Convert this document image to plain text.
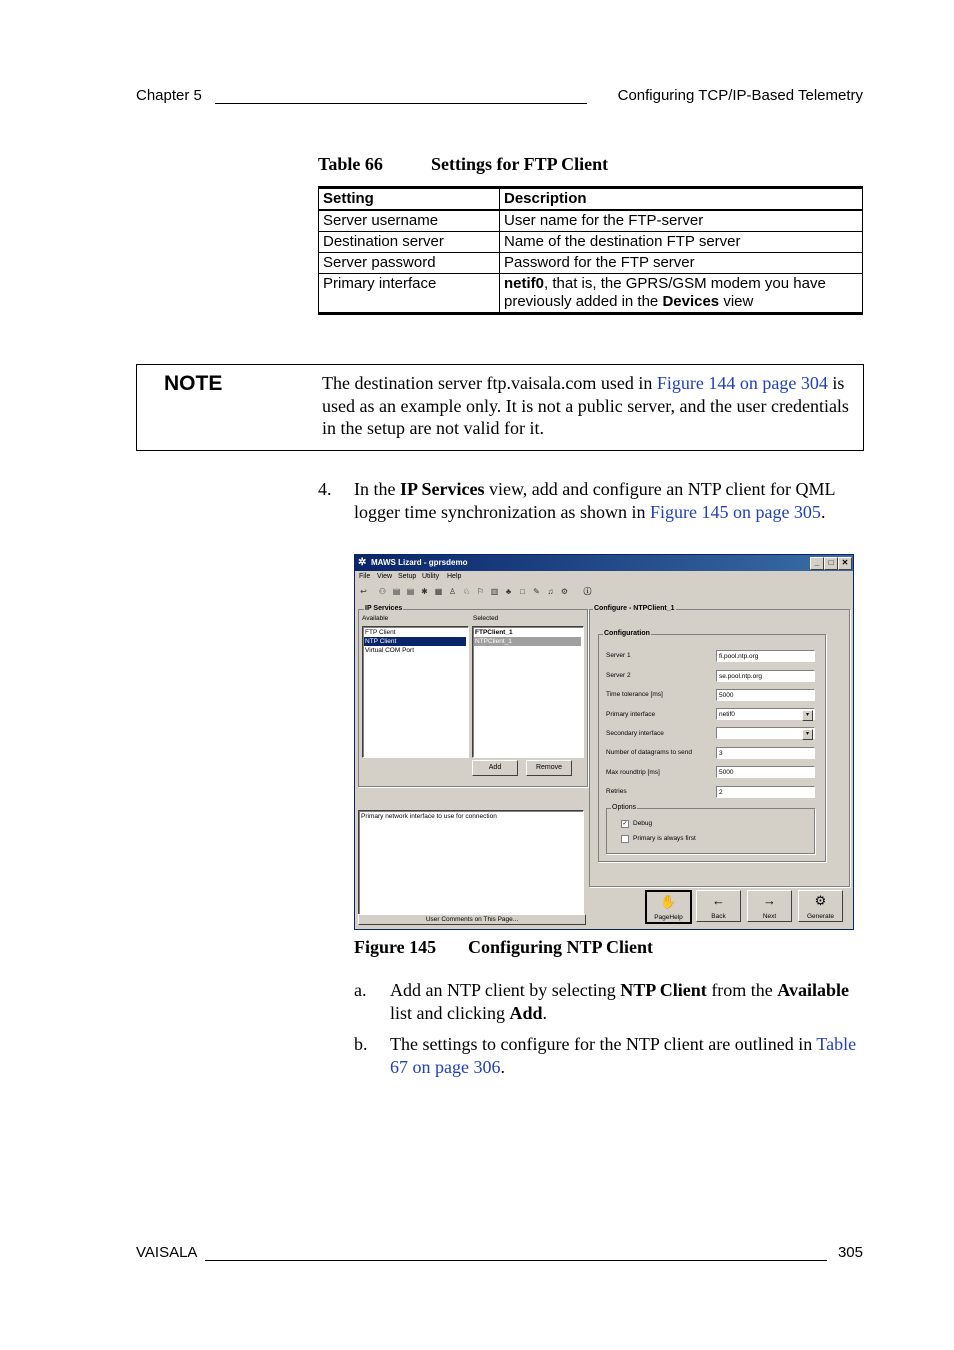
Chapter 5	Configuring TCP/IP-Based Telemetry
Table 66	Settings for FTP Client
Setting	Description
Server username	User name for the FTP-server
Destination server	Name of the destination FTP server
Server password	Password for the FTP server
Primary interface	netif0, that is, the GPRS/GSM modem you have previously added in the Devices view
NOTE	The destination server ftp.vaisala.com used in Figure 144 on page 304 is used as an example only. It is not a public server, and the user credentials in the setup are not valid for it.
4. In the IP Services view, add and configure an NTP client for QML logger time synchronization as shown in Figure 145 on page 305.
✲ MAWS Lizard - gprsdemo	_	□	✕
File View Setup Utility Help
↩ ⚇ ▤ ▤ ✱ ▦ ♙ ♘ ⚐ ▥ ♣	□	✎ ♫ ⚙ ⓘ
IP Services
Available	Selected
FTP Client
NTP Client
Virtual COM Port
FTPClient_1
NTPClient_1
Add	Remove
Primary network interface to use for connection
User Comments on This Page...
Configure - NTPClient_1
Configuration
Server 1	fi.pool.ntp.org
Server 2	se.pool.ntp.org
Time tolerance [ms]	5000
Primary interface	netif0	▾
Secondary interface	▾
Number of datagrams to send	3
Max roundtrip [ms]	5000
Retries	2
Options
✓ Debug
Primary is always first
✋
PageHelp
←
Back
→
Next
⚙
Generate
Figure 145 Configuring NTP Client
a. Add an NTP client by selecting NTP Client from the Available list and clicking Add.
b. The settings to configure for the NTP client are outlined in Table 67 on page 306.
VAISALA	305
